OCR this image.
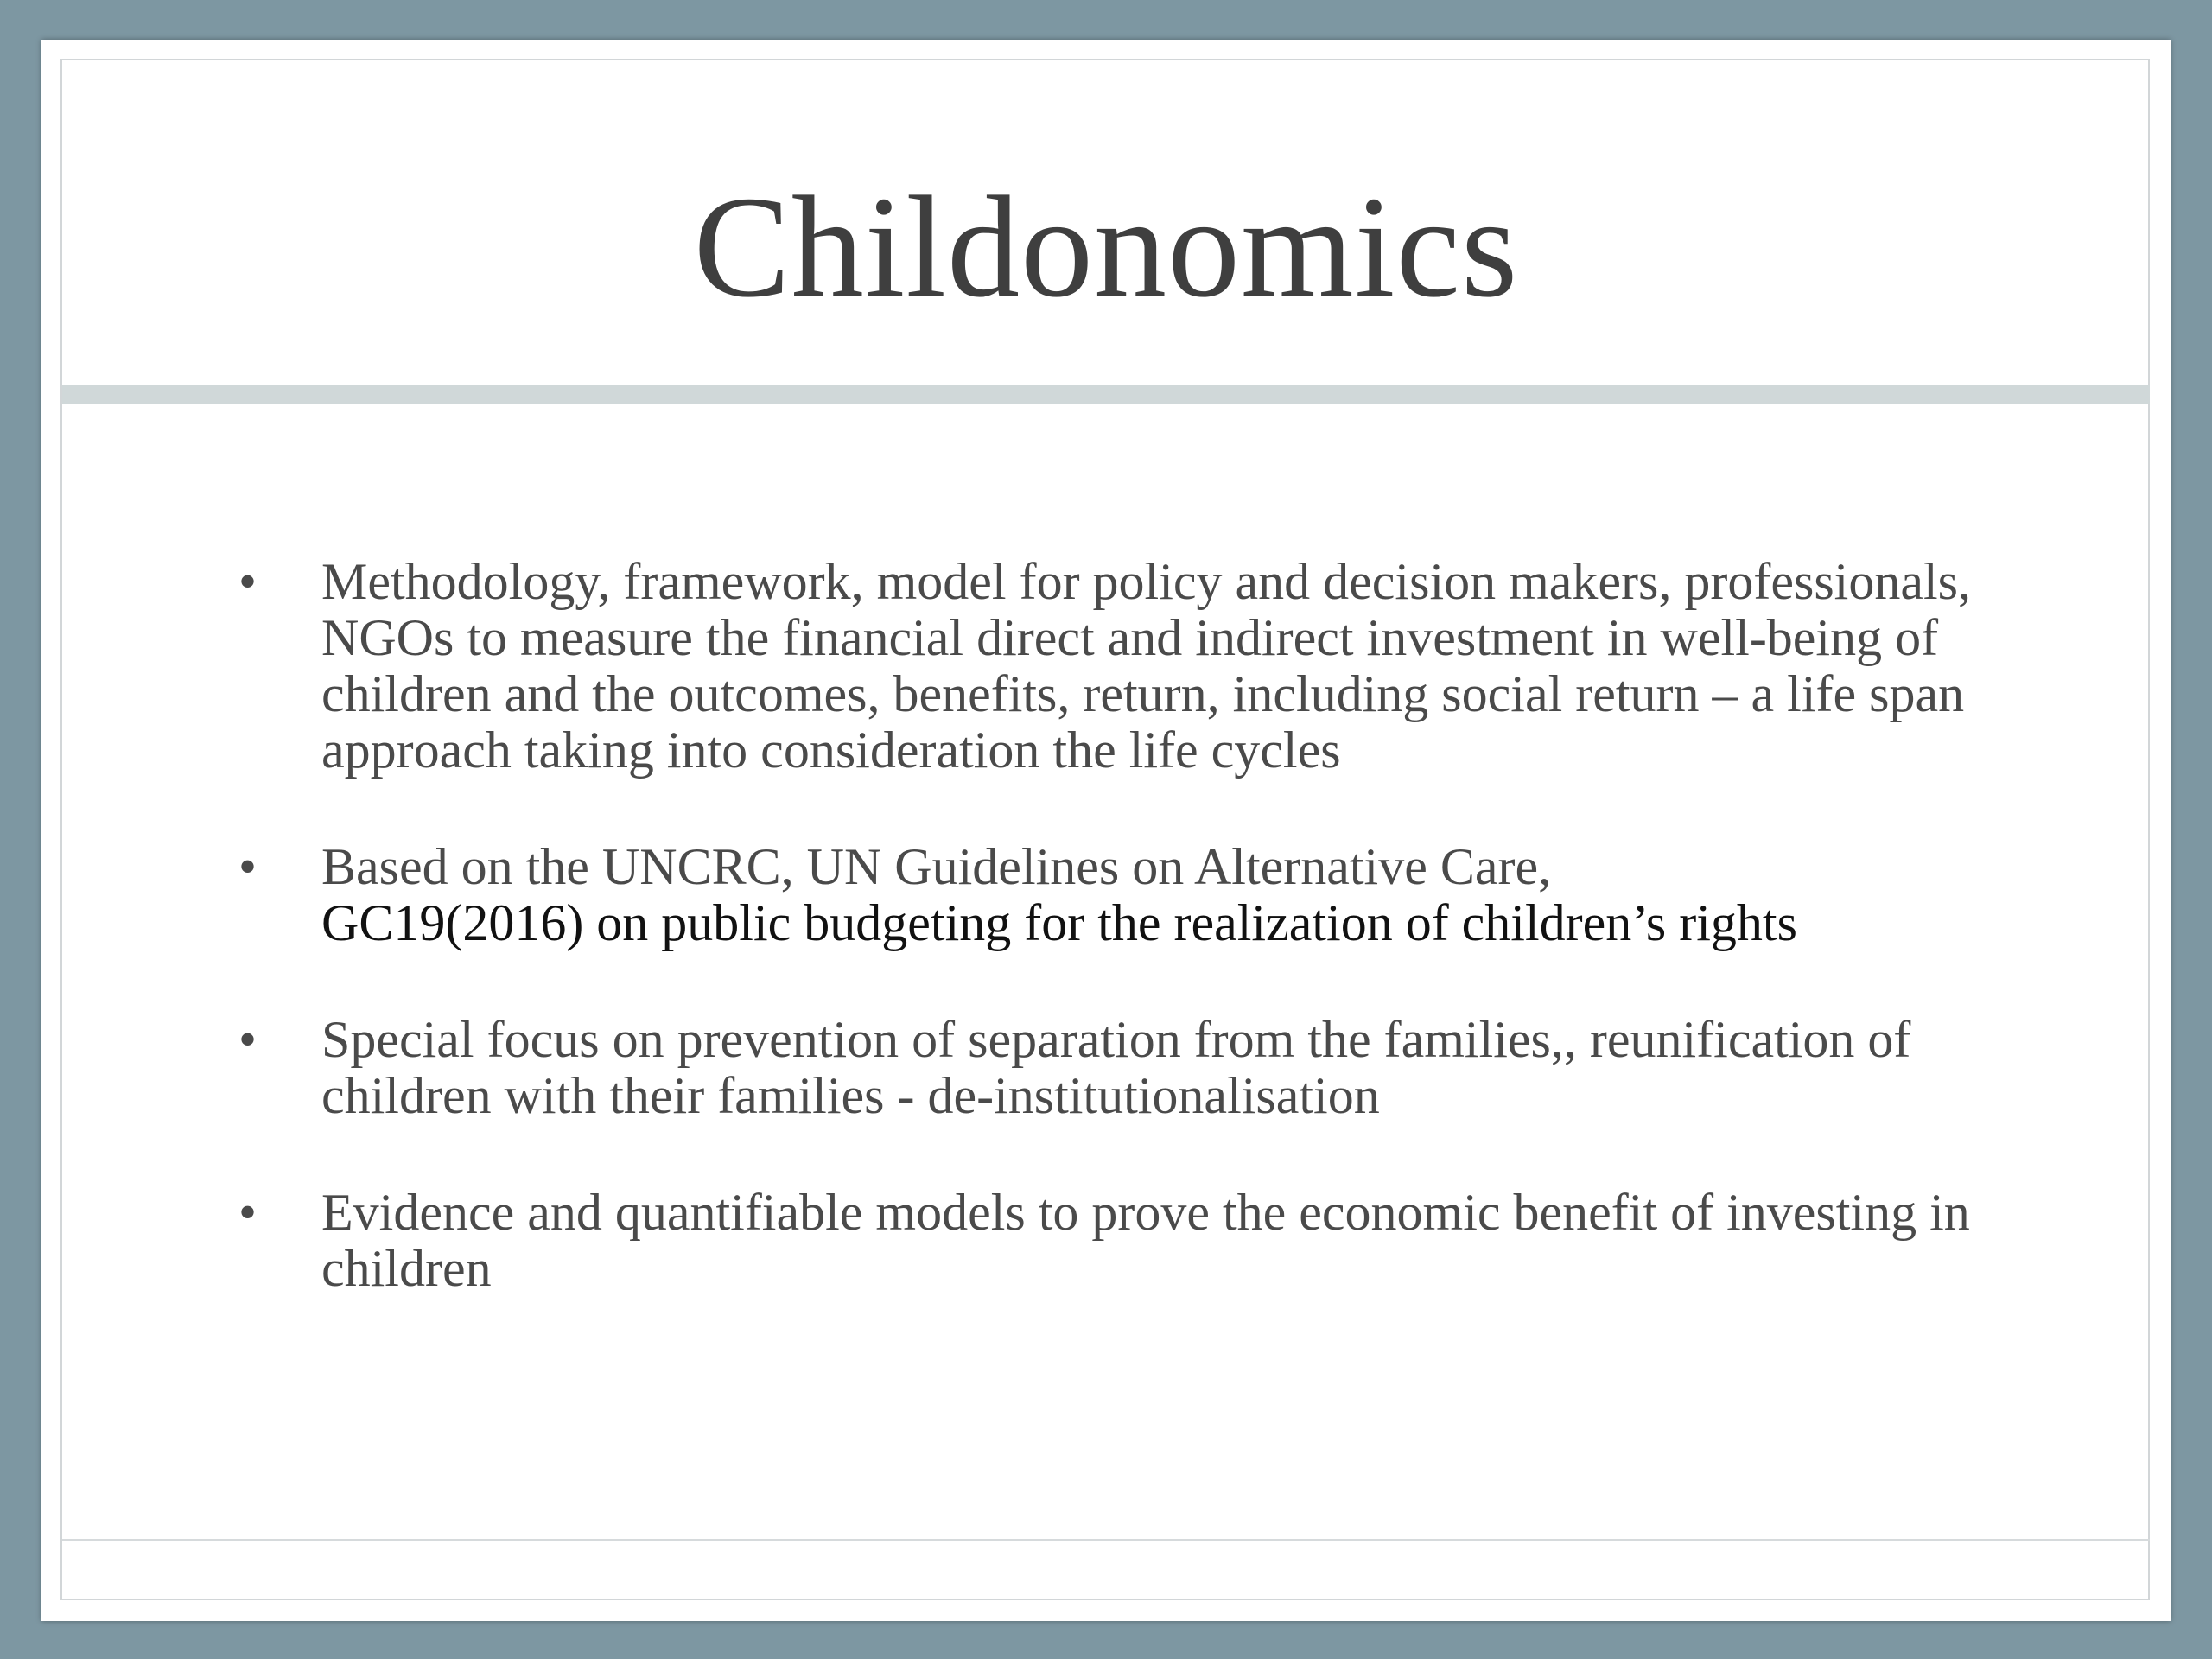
Childonomics
•	Methodology, framework, model for policy and decision makers, professionals, NGOs to measure the financial direct and indirect investment in well-being of children and the outcomes, benefits, return, including social return – a life span approach taking into consideration the life cycles
•	Based on the UNCRC, UN Guidelines on Alternative Care,
GC19(2016) on public budgeting for the realization of children’s rights
•	Special focus on prevention of separation from the families,, reunification of children with their families - de-institutionalisation
•	Evidence and quantifiable models to prove the economic benefit of investing in children
